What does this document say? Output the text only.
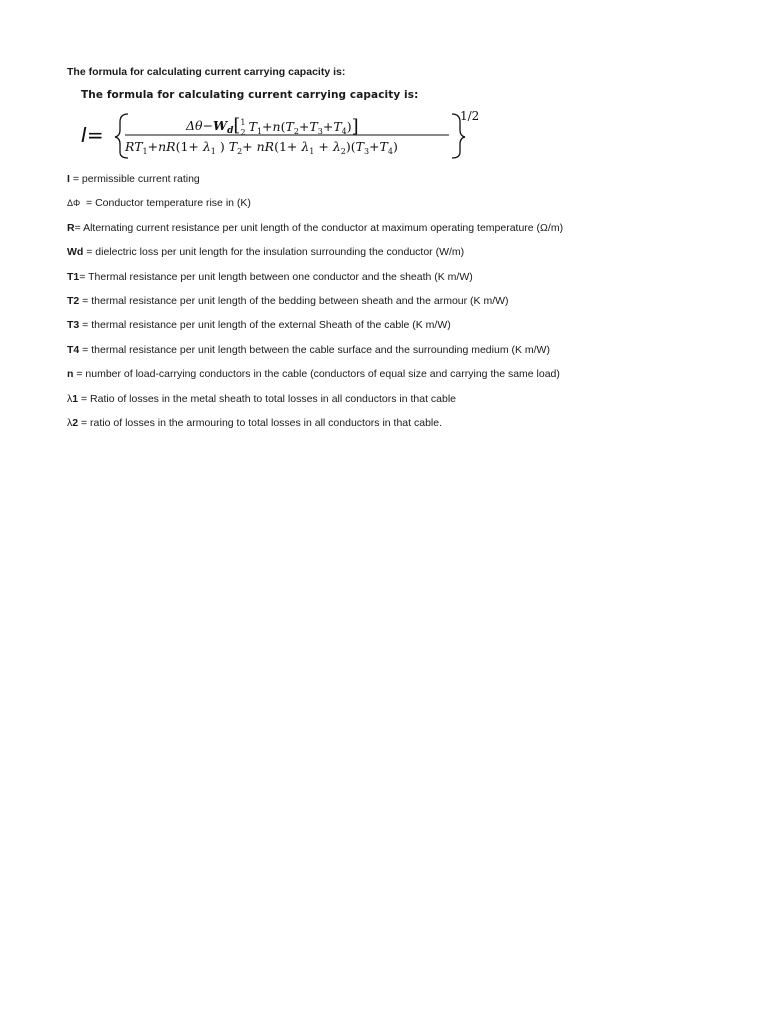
The formula for calculating current carrying capacity is:
The formula for calculating current carrying capacity is:
I=	$\Delta\theta-W_d[^1$ 2 $T_1+n(T_2+T_3+T_4)$]
$RT_1+nR(1+ \lambda_1$ ) $T_2+ nR(1+ \lambda_1 + \lambda_2)(T_3+T_4)$
1/2
I = permissible current rating
ΔΦ  = Conductor temperature rise in (K)
R= Alternating current resistance per unit length of the conductor at maximum operating temperature (Ω/m)
Wd = dielectric loss per unit length for the insulation surrounding the conductor (W/m)
T1= Thermal resistance per unit length between one conductor and the sheath (K m/W)
T2 = thermal resistance per unit length of the bedding between sheath and the armour (K m/W)
T3 = thermal resistance per unit length of the external Sheath of the cable (K m/W)
T4 = thermal resistance per unit length between the cable surface and the surrounding medium (K m/W)
n = number of load-carrying conductors in the cable (conductors of equal size and carrying the same load)
λ1 = Ratio of losses in the metal sheath to total losses in all conductors in that cable
λ2 = ratio of losses in the armouring to total losses in all conductors in that cable.
